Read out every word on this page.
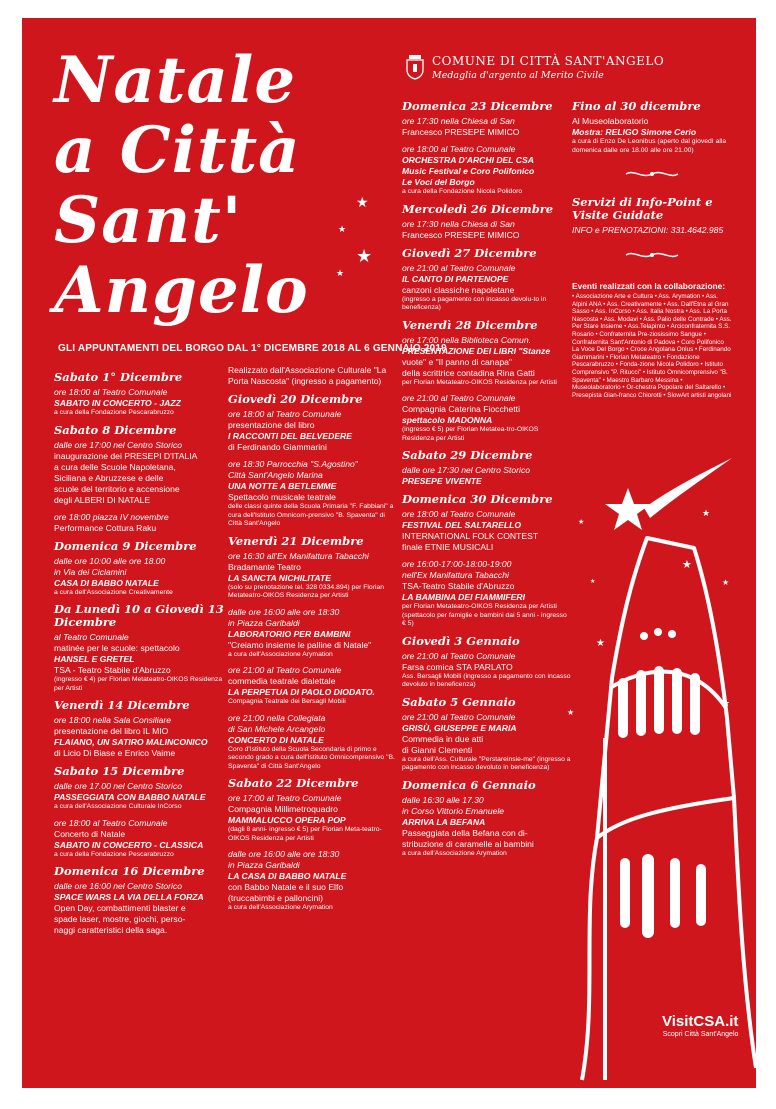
★
★
★
★
★
★
★
★
★
★
★
★
Natale
a Città
Sant'
Angelo
GLI APPUNTAMENTI DEL BORGO DAL 1° DICEMBRE 2018 AL 6 GENNAIO 2019
COMUNE DI CITTÀ SANT'ANGELO
Medaglia d'argento al Merito Civile
Sabato 1° Dicembre
ore 18:00 al Teatro Comunale
SABATO IN CONCERTO - JAZZ
a cura della Fondazione Pescarabruzzo
Sabato 8 Dicembre
dalle ore 17:00 nel Centro Storico
inaugurazione dei PRESEPI D'ITALIA
a cura delle Scuole Napoletana,
Siciliana e Abruzzese e delle
scuole del territorio e accensione
degli ALBERI DI NATALE
ore 18:00 piazza IV novembre
Performance Cottura Raku
Domenica 9 Dicembre
dalle ore 10:00 alle ore 18.00
in Via dei Ciclamini
CASA DI BABBO NATALE
a cura dell'Associazione Creativamente
Da Lunedì 10 a Giovedì 13 Dicembre
al Teatro Comunale
matinée per le scuole: spettacolo
HANSEL E GRETEL
TSA - Teatro Stabile d'Abruzzo
(ingresso € 4) per Florian Metateatro-OIKOS Residenza per Artisti
Venerdì 14 Dicembre
ore 18:00 nella Sala Consiliare
presentazione del libro IL MIO
FLAIANO, UN SATIRO MALINCONICO
di Licio Di Biase e Enrico Vaime
Sabato 15 Dicembre
dalle ore 17.00 nel Centro Storico
PASSEGGIATA CON BABBO NATALE
a cura dell'Associazione Culturale InCorso
ore 18:00 al Teatro Comunale
Concerto di Natale
SABATO IN CONCERTO - CLASSICA
a cura della Fondazione Pescarabruzzo
Domenica 16 Dicembre
dalle ore 16:00 nel Centro Storico
SPACE WARS LA VIA DELLA FORZA
Open Day, combattimenti blaster e
spade laser, mostre, giochi, perso-
naggi caratteristici della saga.
Realizzato dall'Associazione Culturale "La Porta Nascosta" (ingresso a pagamento)
Giovedì 20 Dicembre
ore 18:00 al Teatro Comunale
presentazione del libro
I RACCONTI DEL BELVEDERE
di Ferdinando Giammarini
ore 18:30 Parrocchia "S.Agostino"
Città Sant'Angelo Marina
UNA NOTTE A BETLEMME
Spettacolo musicale teatrale
delle classi quinte della Scuola Primaria "F. Fabbiani" a cura dell'Istituto Omnicom-prensivo "B. Spaventa" di Città Sant'Angelo
Venerdì 21 Dicembre
ore 16:30 all'Ex Manifattura Tabacchi
Bradamante Teatro
LA SANCTA NICHILITATE
(solo su prenotazione tel. 328 0334.894) per Florian Metateatro-OIKOS Residenza per Artisti
dalle ore 16:00 alle ore 18:30
in Piazza Garibaldi
LABORATORIO PER BAMBINI
"Creiamo insieme le palline di Natale"
a cura dell'Associazione Arymation
ore 21:00 al Teatro Comunale
commedia teatrale dialettale
LA PERPETUA DI PAOLO DIODATO.
Compagnia Teatrale dei Bersagli Mobili
ore 21:00 nella Collegiata
di San Michele Arcangelo
CONCERTO DI NATALE
Coro d'Istituto della Scuola Secondaria di primo e secondo grado a cura dell'Istituto Omnicomprensivo "B. Spaventa" di Città Sant'Angelo
Sabato 22 Dicembre
ore 17:00 al Teatro Comunale
Compagnia Millimetroquadro
MAMMALUCCO OPERA POP
(dagli 8 anni- ingresso € 5) per Florian Meta-teatro-OIKOS Residenza per Artisti
dalle ore 16:00 alle ore 18:30
in Piazza Garibaldi
LA CASA DI BABBO NATALE
con Babbo Natale e il suo Elfo
(truccabimbi e palloncini)
a cura dell'Associazione Arymation
Domenica 23 Dicembre
ore 17:30 nella Chiesa di San
Francesco PRESEPE MIMICO
ore 18:00 al Teatro Comunale
ORCHESTRA D'ARCHI DEL CSA
Music Festival e Coro Polifonico
Le Voci del Borgo
a cura della Fondazione Nicola Polidoro
Mercoledì 26 Dicembre
ore 17:30 nella Chiesa di San
Francesco PRESEPE MIMICO
Giovedì 27 Dicembre
ore 21:00 al Teatro Comunale
IL CANTO DI PARTENOPE
canzoni classiche napoletane
(ingresso a pagamento con incasso devolu-to in beneficenza)
Venerdì 28 Dicembre
ore 17:00 nella Biblioteca Comun.
PRESENTAZIONE DEI LIBRI "Stanze
vuote" e "Il panno di canapa"
della scrittrice contadina Rina Gatti
per Florian Metateatro-OIKOS Residenza per Artisti
ore 21:00 al Teatro Comunale
Compagnia Caterina Fiocchetti
spettacolo MADONNA
(ingresso € 5) per Florian Metatea-tro-OIKOS Residenza per Artisti
Sabato 29 Dicembre
dalle ore 17:30 nel Centro Storico
PRESEPE VIVENTE
Domenica 30 Dicembre
ore 18:00 al Teatro Comunale
FESTIVAL DEL SALTARELLO
INTERNATIONAL FOLK CONTEST
finale ETNIE MUSICALI
ore 16:00-17:00-18:00-19:00
nell'Ex Manifattura Tabacchi
TSA-Teatro Stabile d'Abruzzo
LA BAMBINA DEI FIAMMIFERI
per Florian Metateatro-OIKOS Residenza per Artisti (spettacolo per famiglie e bambini dai 5 anni - ingresso € 5)
Giovedì 3 Gennaio
ore 21:00 al Teatro Comunale
Farsa comica STA PARLATO
Ass. Bersagli Mobili (ingresso a pagamento con incasso devoluto in beneficenza)
Sabato 5 Gennaio
ore 21:00 al Teatro Comunale
GRISÙ, GIUSEPPE E MARIA
Commedia in due atti
di Gianni Clementi
a cura dell'Ass. Culturale "Perstareinsie-me" (ingresso a pagamento con incasso devoluto in beneficenza)
Domenica 6 Gennaio
dalle 16:30 alle 17.30
in Corso Vittorio Emanuele
ARRIVA LA BEFANA
Passeggiata della Befana con di-
stribuzione di caramelle ai bambini
a cura dell'Associazione Arymation
Fino al 30 dicembre
Al Museolaboratorio
Mostra: RELIGO Simone Cerio
a cura di Enzo De Leonibus (aperto dal giovedì alla domenica dalle ore 18.00 alle ore 21.00)
Servizi di Info-Point e Visite Guidate
INFO e PRENOTAZIONI: 331.4642.985
Eventi realizzati con la collaborazione:
• Associazione Arte e Cultura • Ass. Arymation • Ass. Alpini ANA • Ass. Creativamente • Ass. Dall'Etna al Gran Sasso • Ass. InCorso • Ass. Italia Nostra • Ass. La Porta Nascosta • Ass. Modavi • Ass. Palio delle Contrade • Ass. Per Stare Insieme • Ass.Telapinto • Arciconfraternita S.S. Rosario • Confraternita Pre-ziosissimo Sangue • Confraternita Sant'Antonio di Padova • Coro Polifonico La Voce Del Borgo • Croce Angolana Onlus • Ferdinando Giammarini • Florian Metateatro • Fondazione Pescarabruzzo • Fonda-zione Nicola Polidoro • Istituto Comprensivo "P. Ritucci" • Istituto Omnicomprensivo "B. Spaventa" • Maestro Barbaro Messina • Museolaboratorio • Or-chestra Popolare del Saltarello • Presepista Gian-franco Chiorotti • SlowArt artisti angolani
VisitCSA.it
Scopri Città Sant'Angelo
